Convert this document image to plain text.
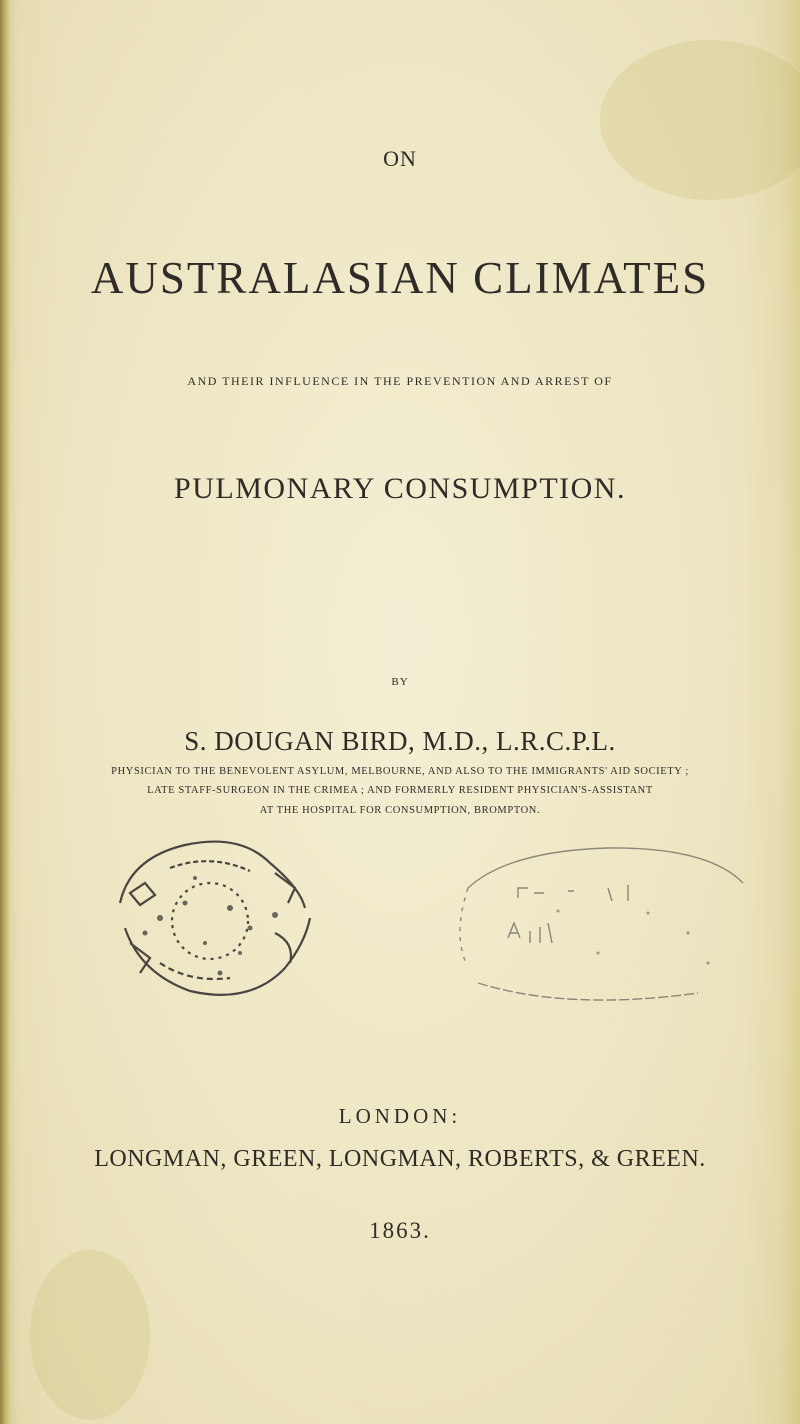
ON
AUSTRALASIAN CLIMATES
AND THEIR INFLUENCE IN THE PREVENTION AND ARREST OF
PULMONARY CONSUMPTION.
BY
S. DOUGAN BIRD, M.D., L.R.C.P.L.
PHYSICIAN TO THE BENEVOLENT ASYLUM, MELBOURNE, AND ALSO TO THE IMMIGRANTS' AID SOCIETY ;
LATE STAFF-SURGEON IN THE CRIMEA ; AND FORMERLY RESIDENT PHYSICIAN'S-ASSISTANT
AT THE HOSPITAL FOR CONSUMPTION, BROMPTON.
LONDON:
LONGMAN, GREEN, LONGMAN, ROBERTS, & GREEN.
1863.
